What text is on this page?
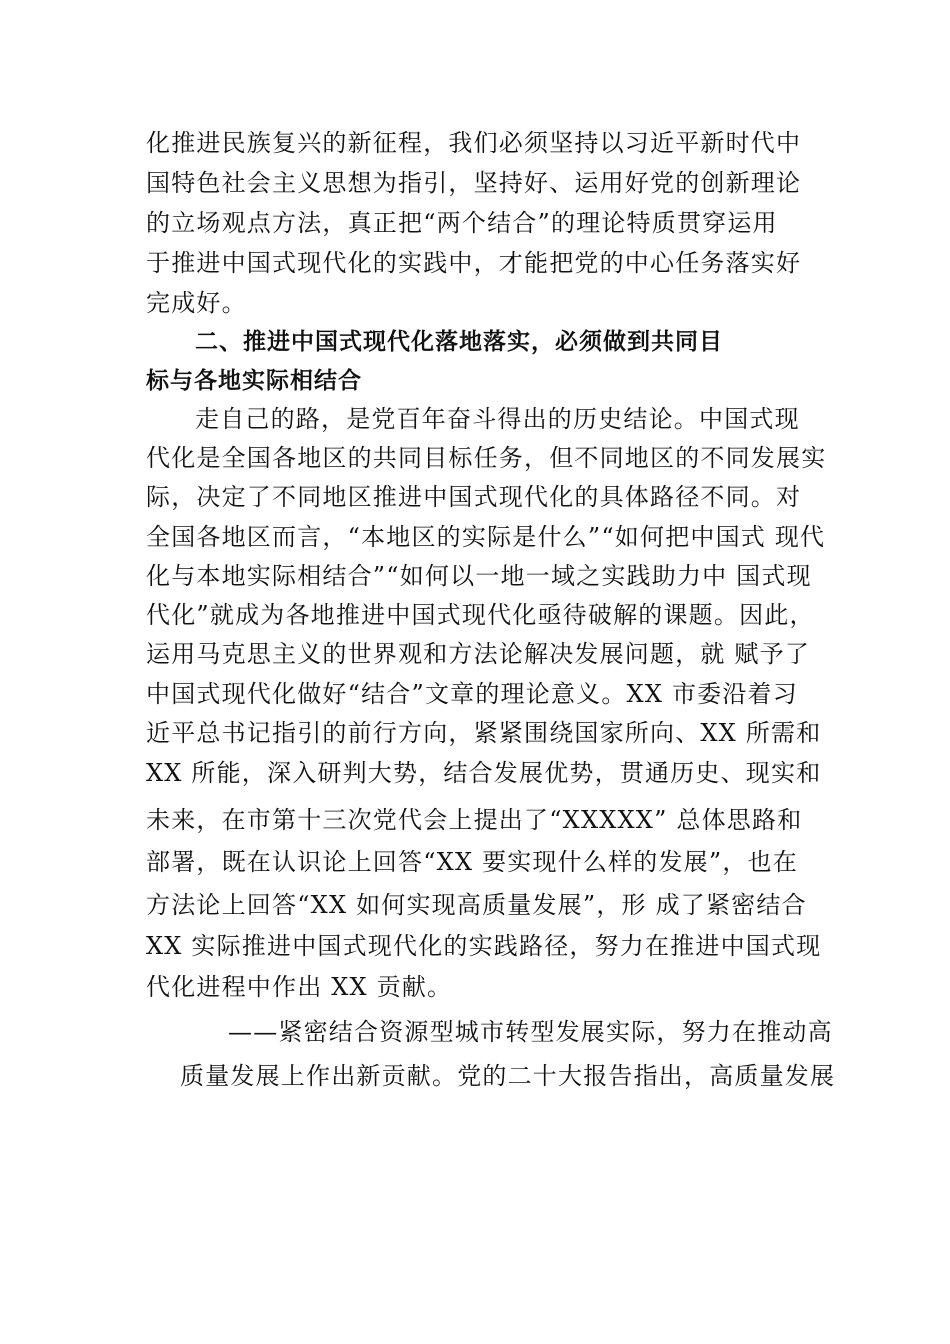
化推进民族复兴的新征程，我们必须坚持以习近平新时代中
国特色社会主义思想为指引，坚持好、运用好党的创新理论
的立场观点方法，真正把“两个结合”的理论特质贯穿运用
于推进中国式现代化的实践中，才能把党的中心任务落实好
完成好。
二、推进中国式现代化落地落实，必须做到共同目
标与各地实际相结合
走自己的路，是党百年奋斗得出的历史结论。中国式现
代化是全国各地区的共同目标任务，但不同地区的不同发展实
际，决定了不同地区推进中国式现代化的具体路径不同。对
全国各地区而言，“本地区的实际是什么”“如何把中国式 现代
化与本地实际相结合”“如何以一地一域之实践助力中 国式现
代化”就成为各地推进中国式现代化亟待破解的课题。因此，
运用马克思主义的世界观和方法论解决发展问题，就 赋予了
中国式现代化做好“结合”文章的理论意义。XX 市委沿着习
近平总书记指引的前行方向，紧紧围绕国家所向、XX 所需和
XX 所能，深入研判大势，结合发展优势，贯通历史、现实和
未来，在市第十三次党代会上提出了“XXXXX” 总体思路和
部署，既在认识论上回答“XX 要实现什么样的发展”，也在
方法论上回答“XX 如何实现高质量发展”，形 成了紧密结合
XX 实际推进中国式现代化的实践路径，努力在推进中国式现
代化进程中作出 XX 贡献。
——紧密结合资源型城市转型发展实际，努力在推动高
质量发展上作出新贡献。党的二十大报告指出，高质量发展
